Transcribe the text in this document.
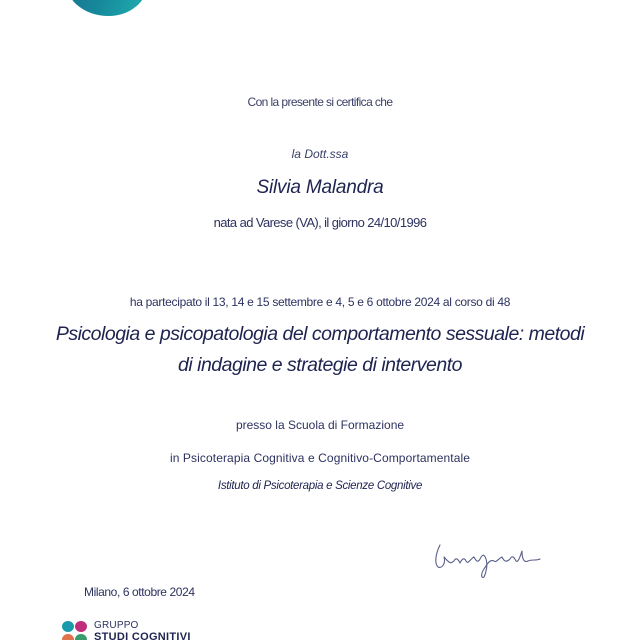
Con la presente si certifica che
la Dott.ssa
Silvia Malandra
nata ad Varese (VA), il giorno 24/10/1996
ha partecipato il 13, 14 e 15 settembre e 4, 5 e 6 ottobre 2024 al corso di 48
Psicologia e psicopatologia del comportamento sessuale: metodi
di indagine e strategie di intervento
presso la Scuola di Formazione
in Psicoterapia Cognitiva e Cognitivo-Comportamentale
Istituto di Psicoterapia e Scienze Cognitive
Milano, 6 ottobre 2024
GRUPPO
STUDI COGNITIVI
